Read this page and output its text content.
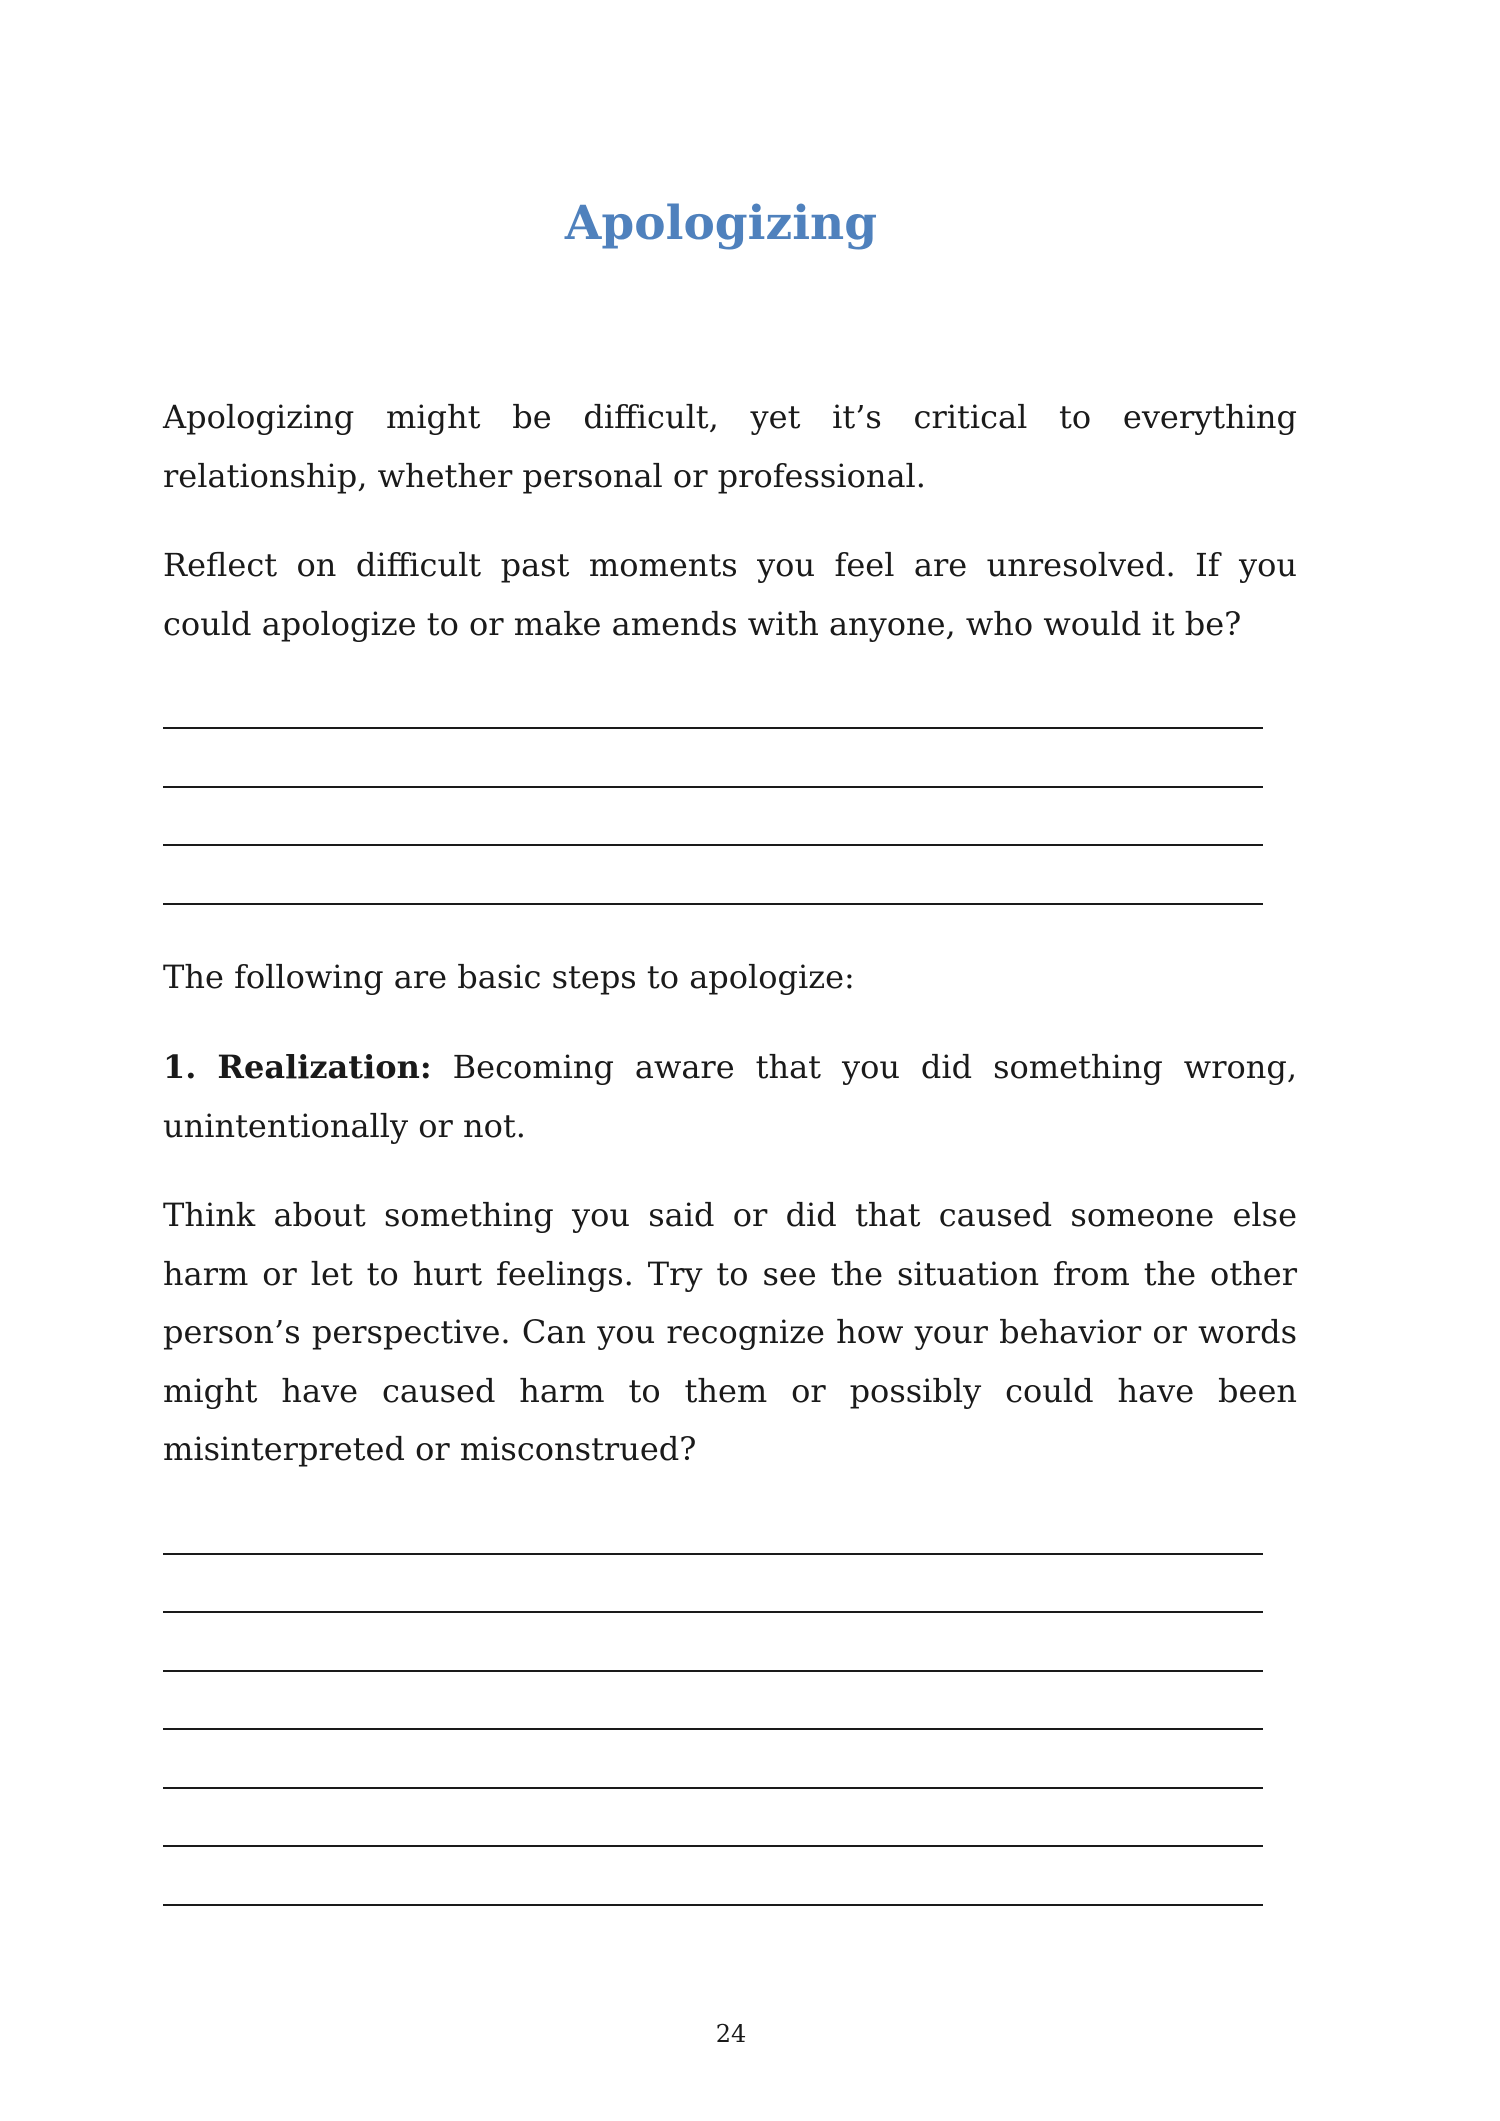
Apologizing

Apologizing might be difficult, yet it’s critical to everything relationship, whether personal or professional.

Reflect on difficult past moments you feel are unresolved. If you could apologize to or make amends with anyone, who would it be?

The following are basic steps to apologize:

1. Realization: Becoming aware that you did something wrong, unintentionally or not.

Think about something you said or did that caused someone else harm or let to hurt feelings. Try to see the situation from the other person’s perspective. Can you recognize how your behavior or words might have caused harm to them or possibly could have been misinterpreted or misconstrued?

24
